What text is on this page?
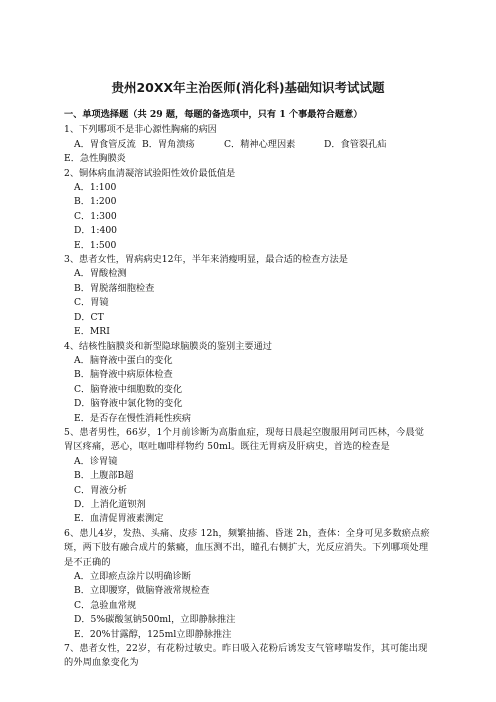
贵州20XX年主治医师(消化科)基础知识考试试题
一、单项选择题（共 29 题，每题的备选项中，只有 1 个事最符合题意）
1、下列哪项不是非心源性胸痛的病因
A．胃食管反流 B．胃角溃疡	C．精神心理因素	D．食管裂孔疝
E．急性胸膜炎
2、铜体病血清凝溶试验阳性效价最低值是
A．1:100
B．1:200
C．1:300
D．1:400
E．1:500
3、患者女性，胃病病史12年，半年来消瘦明显，最合适的检查方法是
A．胃酸检测
B．胃脱落细胞检查
C．胃镜
D．CT
E．MRI
4、结核性脑膜炎和新型隐球脑膜炎的鉴别主要通过
A．脑脊液中蛋白的变化
B．脑脊液中病原体检查
C．脑脊液中细胞数的变化
D．脑脊液中氯化物的变化
E．是否存在慢性消耗性疾病
5、患者男性，66岁，1个月前诊断为高脂血症，现每日晨起空腹服用阿司匹林，今晨觉胃区疼痛，恶心，呕吐咖啡样物约 50ml。既往无胃病及肝病史，首选的检查是
A．诊胃镜
B．上腹部B超
C．胃液分析
D．上消化道钡剂
E．血清促胃液素测定
6、患儿4岁，发热、头痛、皮疹 12h，频繁抽搐、昏迷 2h，查体：全身可见多数瘀点瘀斑，两下肢有融合成片的紫癜，血压测不出，瞳孔右侧扩大，光反应消失。下列哪项处理是不正确的
A．立即瘀点涂片以明确诊断
B．立即腰穿，做脑脊液常规检查
C．急验血常规
D．5%碳酸氢钠500ml，立即静脉推注
E．20%甘露醇，125ml立即静脉推注
7、患者女性，22岁，有花粉过敏史。昨日吸入花粉后诱发支气管哮喘发作，其可能出现的外周血象变化为
